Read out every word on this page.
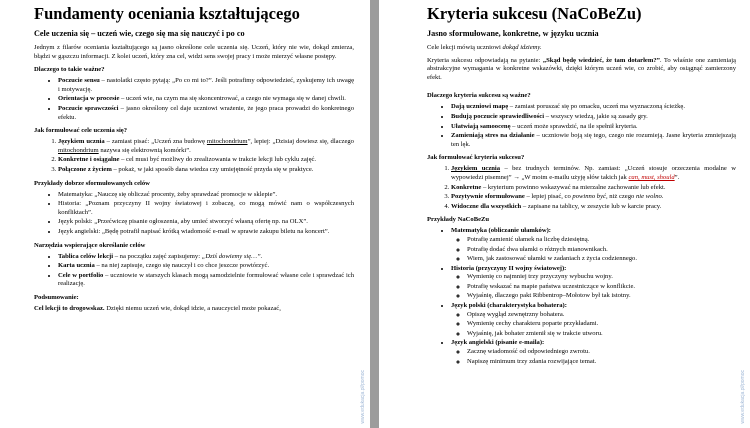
Fundamenty oceniania kształtującego
Cele uczenia się – uczeń wie, czego się ma się nauczyć i po co

Jednym z filarów oceniania kształtującego są jasno określone cele uczenia się. Uczeń, który nie wie, dokąd zmierza, błądzi w gąszczu informacji. Z kolei uczeń, który zna cel, widzi sens swojej pracy i może mierzyć własne postępy.

Dlaczego to takie ważne?
• Poczucie sensu – nastolatki często pytają: „Po co mi to?”. Jeśli potrafimy odpowiedzieć, zyskujemy ich uwagę i motywację.
• Orientacja w procesie – uczeń wie, na czym ma się skoncentrować, a czego nie wymaga się w danej chwili.
• Poczucie sprawczości – jasno określony cel daje uczniowi wrażenie, że jego praca prowadzi do konkretnego efektu.
Jak formułować cele uczenia się?
1. Językiem ucznia – zamiast pisać: „Uczeń zna budowę mitochondrium”, lepiej: „Dzisiaj dowiesz się, dlaczego mitochondrium nazywa się elektrownią komórki”.
2. Konkretne i osiągalne – cel musi być możliwy do zrealizowania w trakcie lekcji lub cyklu zajęć.
3. Połączone z życiem – pokaż, w jaki sposób dana wiedza czy umiejętność przyda się w praktyce.
Przykłady dobrze sformułowanych celów
• Matematyka: „Nauczę się obliczać procenty, żeby sprawdzać promocje w sklepie”.
• Historia: „Poznam przyczyny II wojny światowej i zobaczę, co mogą mówić nam o współczesnych konfliktach”.
• Język polski: „Przećwiczę pisanie ogłoszenia, aby umieć stworzyć własną ofertę np. na OLX”.
• Język angielski: „Będę potrafił napisać krótką wiadomość e-mail w sprawie zakupu biletu na koncert”.
Narzędzia wspierające określanie celów
• Tablica celów lekcji – na początku zajęć zapisujemy: „Dziś dowiemy się…”.
• Karta ucznia – na niej zapisuje, czego się nauczył i co chce jeszcze powtórzyć.
• Cele w portfolio – uczniowie w starszych klasach mogą samodzielnie formułować własne cele i sprawdzać ich realizację.
Podsumowanie:

Cel lekcji to drogowskaz. Dzięki niemu uczeń wie, dokąd idzie, a nauczyciel może pokazać,

www.edukacja.pl/pomoc
Kryteria sukcesu (NaCoBeZu)
Jasno sformułowane, konkretne, w języku ucznia

Cele lekcji mówią uczniowi dokąd idziemy.

Kryteria sukcesu odpowiadają na pytanie: „Skąd będę wiedzieć, że tam dotarłem?”. To właśnie one zamieniają abstrakcyjne wymagania w konkretne wskazówki, dzięki którym uczeń wie, co zrobić, aby osiągnąć zamierzony efekt.

Dlaczego kryteria sukcesu są ważne?
• Dają uczniowi mapę – zamiast poruszać się po omacku, uczeń ma wyznaczoną ścieżkę.
• Budują poczucie sprawiedliwości – wszyscy wiedzą, jakie są zasady gry.
• Ułatwiają samoocenę – uczeń może sprawdzić, na ile spełnił kryteria.
• Zamieniają stres na działanie – uczniowie boją się tego, czego nie rozumieją. Jasne kryteria zmniejszają ten lęk.
Jak formułować kryteria sukcesu?
1. Językiem ucznia – bez trudnych terminów. Np. zamiast: „Uczeń stosuje orzeczenia modalne w wypowiedzi pisemnej” → „W moim e-mailu użyję słów takich jak can, must, should”.
2. Konkretne – kryterium powinno wskazywać na mierzalne zachowanie lub efekt.
3. Pozytywnie sformułowane – lepiej pisać, co powinno być, niż czego nie wolno.
4. Widoczne dla wszystkich – zapisane na tablicy, w zeszycie lub w karcie pracy.
Przykłady NaCoBeZu
• Matematyka (obliczanie ułamków):
◦ Potrafię zamienić ułamek na liczbę dziesiętną.
◦ Potrafię dodać dwa ułamki o różnych mianownikach.
◦ Wiem, jak zastosować ułamki w zadaniach z życia codziennego.
• Historia (przyczyny II wojny światowej):
◦ Wymienię co najmniej trzy przyczyny wybuchu wojny.
◦ Potrafię wskazać na mapie państwa uczestniczące w konflikcie.
◦ Wyjaśnię, dlaczego pakt Ribbentrop–Mołotow był tak istotny.
• Język polski (charakterystyka bohatera):
◦ Opiszę wygląd zewnętrzny bohatera.
◦ Wymienię cechy charakteru poparte przykładami.
◦ Wyjaśnię, jak bohater zmienił się w trakcie utworu.
• Język angielski (pisanie e-maila):
◦ Zacznę wiadomość od odpowiedniego zwrotu.
◦ Napiszę minimum trzy zdania rozwijające temat.
www.edukacja.pl/pomoc
